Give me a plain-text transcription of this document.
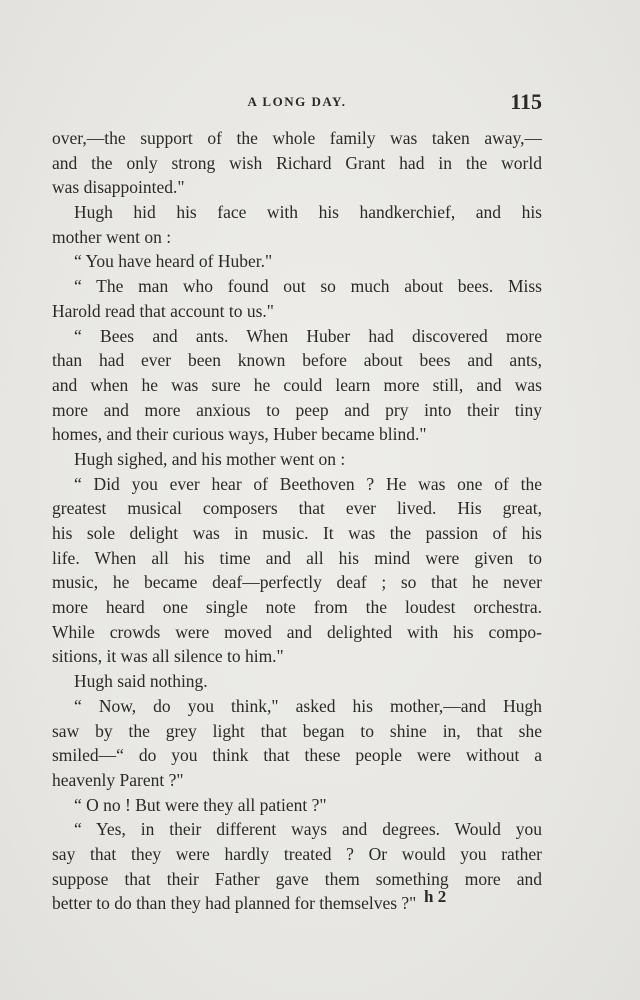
A LONG DAY.	115
over,—the support of the whole family was taken away,—
and the only strong wish Richard Grant had in the world
was disappointed."
Hugh hid his face with his handkerchief, and his
mother went on :
“ You have heard of Huber."
“ The man who found out so much about bees. Miss
Harold read that account to us."
“ Bees and ants. When Huber had discovered more
than had ever been known before about bees and ants,
and when he was sure he could learn more still, and was
more and more anxious to peep and pry into their tiny
homes, and their curious ways, Huber became blind."
Hugh sighed, and his mother went on :
“ Did you ever hear of Beethoven ? He was one of the
greatest musical composers that ever lived. His great,
his sole delight was in music. It was the passion of his
life. When all his time and all his mind were given to
music, he became deaf—perfectly deaf ; so that he never
more heard one single note from the loudest orchestra.
While crowds were moved and delighted with his compo-
sitions, it was all silence to him."
Hugh said nothing.
“ Now, do you think," asked his mother,—and Hugh
saw by the grey light that began to shine in, that she
smiled—“ do you think that these people were without a
heavenly Parent ?"
“ O no ! But were they all patient ?"
“ Yes, in their different ways and degrees. Would you
say that they were hardly treated ? Or would you rather
suppose that their Father gave them something more and
better to do than they had planned for themselves ?" h 2
